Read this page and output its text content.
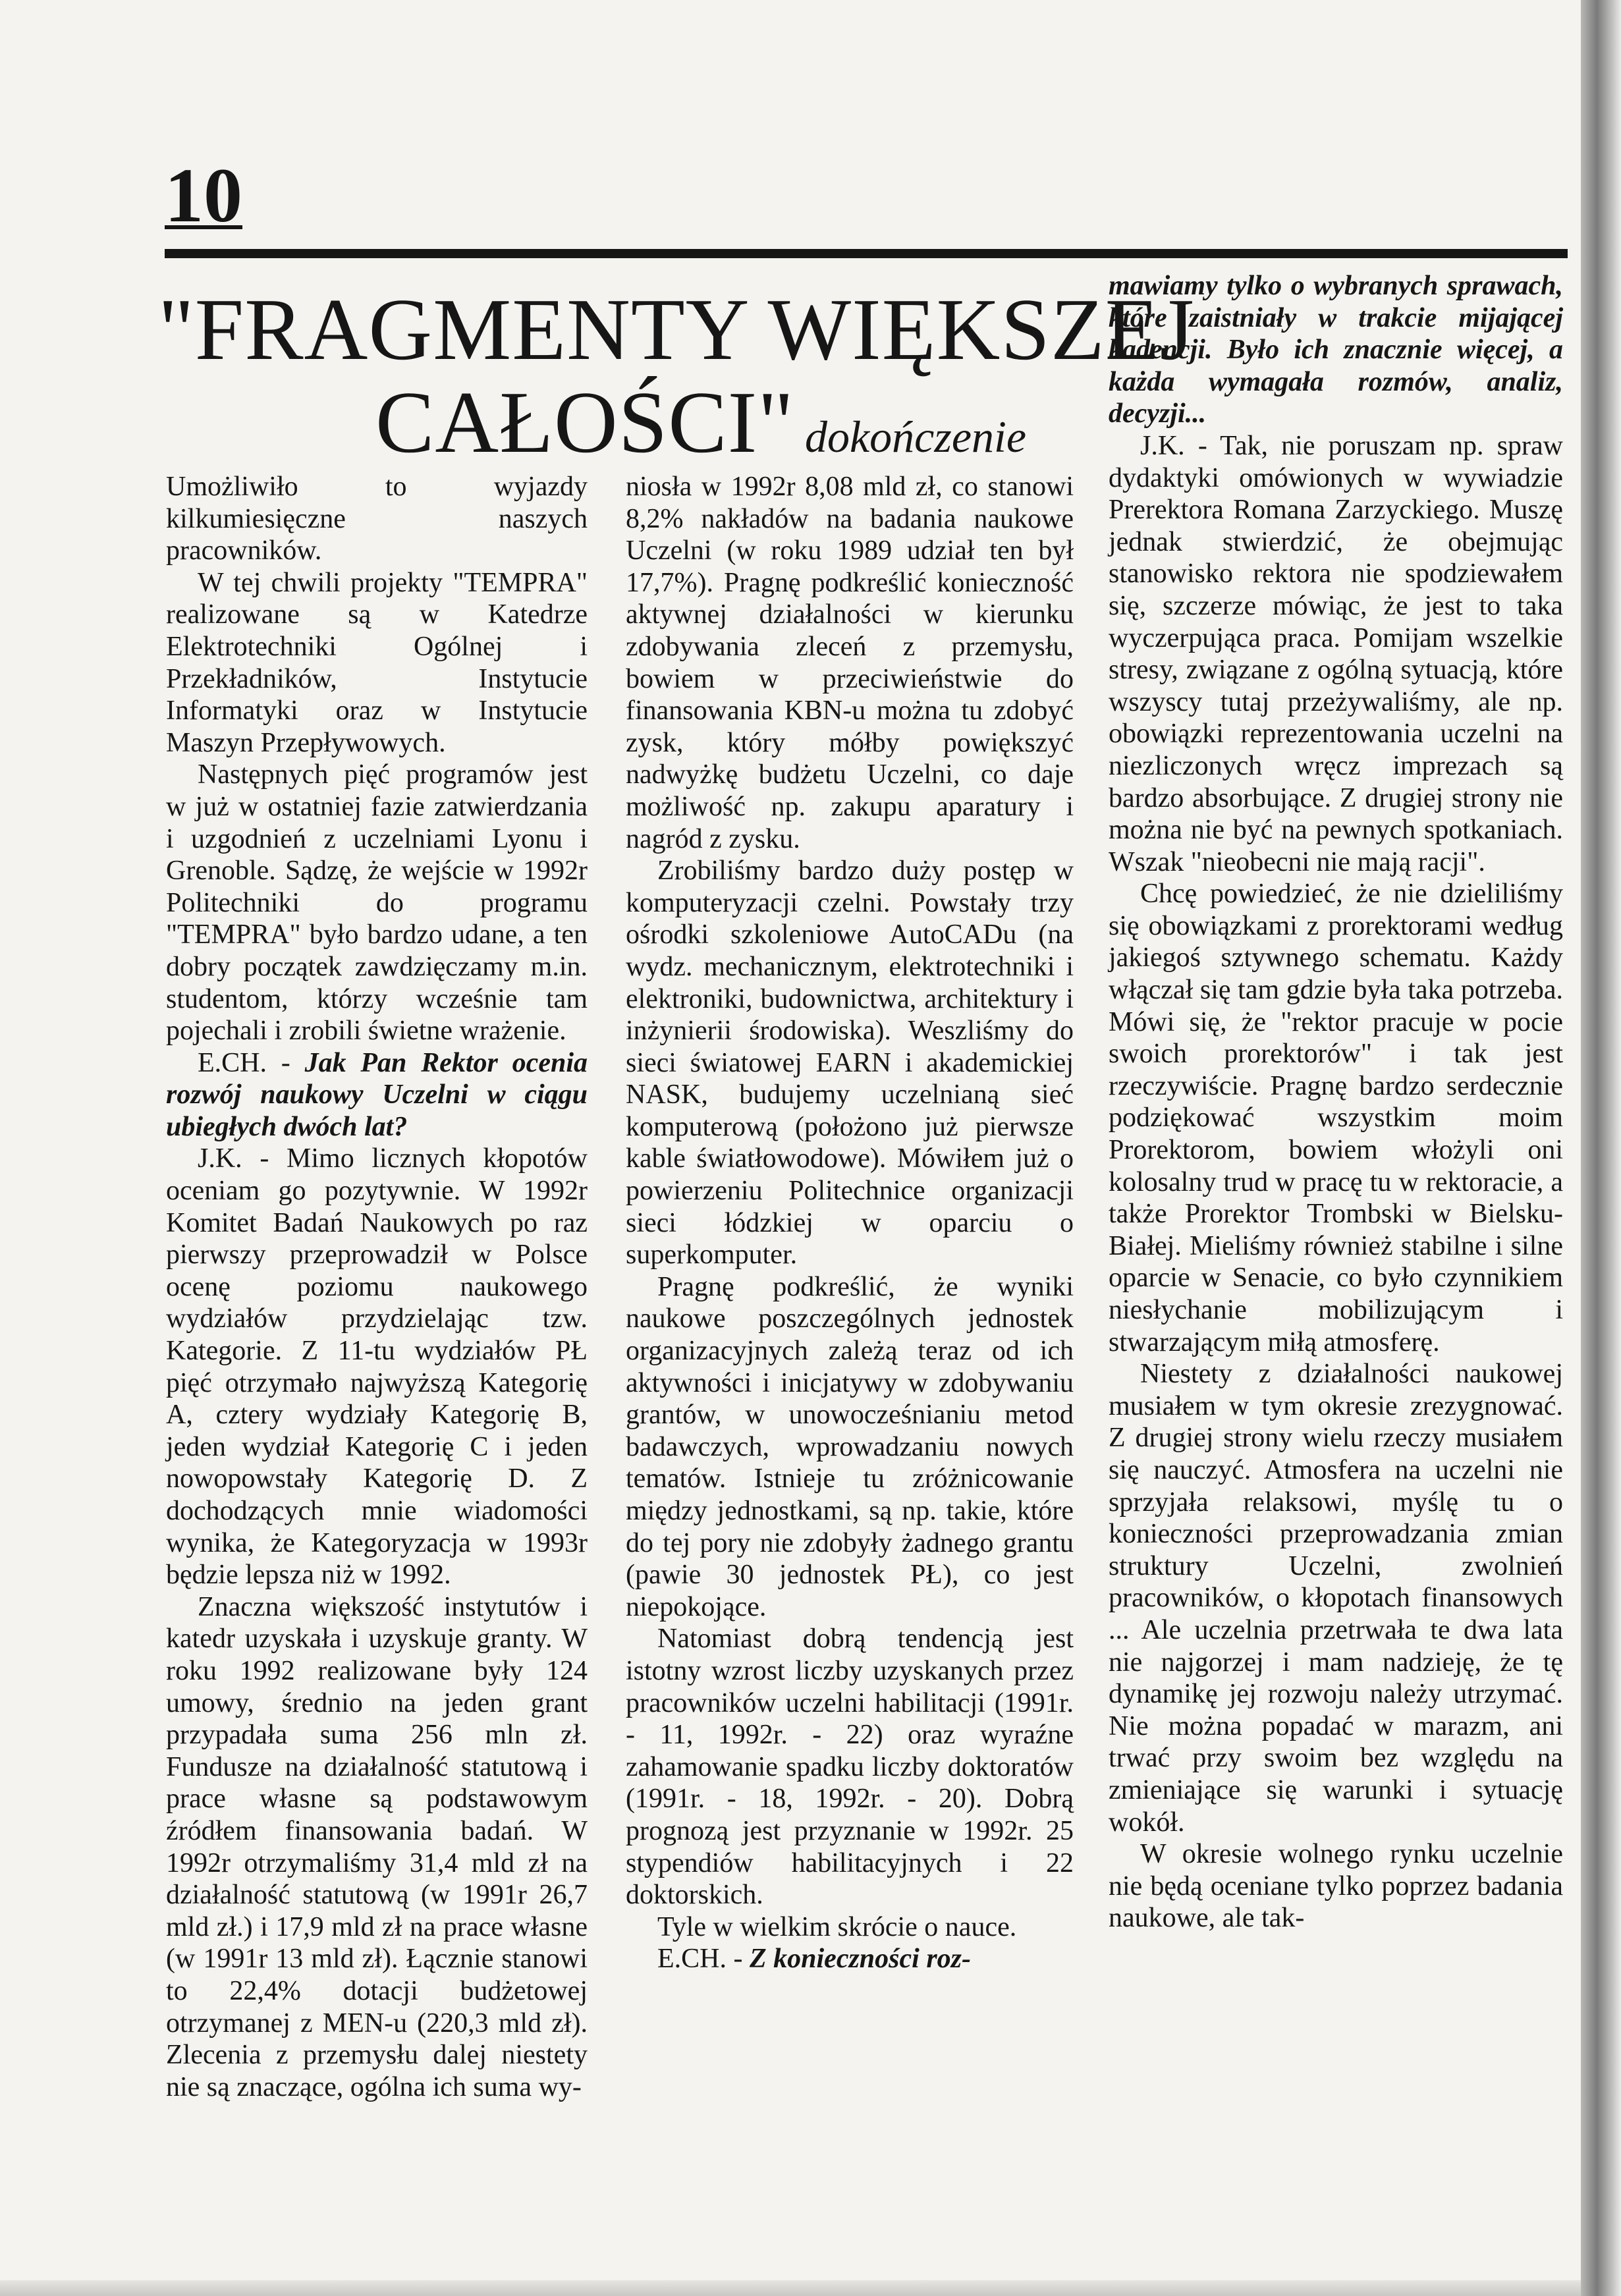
10
"FRAGMENTY WIĘKSZEJ
CAŁOŚCI" dokończenie

Umożliwiło to wyjazdy kilkumiesięczne naszych pracowników.

W tej chwili projekty "TEMPRA" realizowane są w Katedrze Elektrotechniki Ogólnej i Przekładników, Instytucie Informatyki oraz w Instytucie Maszyn Przepływowych.

Następnych pięć programów jest w już w ostatniej fazie zatwierdzania i uzgodnień z uczelniami Lyonu i Grenoble. Sądzę, że wejście w 1992r Politechniki do programu "TEMPRA" było bardzo udane, a ten dobry początek zawdzięczamy m.in. studentom, którzy wcześnie tam pojechali i zrobili świetne wrażenie.

E.CH. - Jak Pan Rektor ocenia rozwój naukowy Uczelni w ciągu ubiegłych dwóch lat?

J.K. - Mimo licznych kłopotów oceniam go pozytywnie. W 1992r Komitet Badań Naukowych po raz pierwszy przeprowadził w Polsce ocenę poziomu naukowego wydziałów przydzielając tzw. Kategorie. Z 11-tu wydziałów PŁ pięć otrzymało najwyższą Kategorię A, cztery wydziały Kategorię B, jeden wydział Kategorię C i jeden nowopowstały Kategorię D. Z dochodzących mnie wiadomości wynika, że Kategoryzacja w 1993r będzie lepsza niż w 1992.

Znaczna większość instytutów i katedr uzyskała i uzyskuje granty. W roku 1992 realizowane były 124 umowy, średnio na jeden grant przypadała suma 256 mln zł. Fundusze na działalność statutową i prace własne są podstawowym źródłem finansowania badań. W 1992r otrzymaliśmy 31,4 mld zł na działalność statutową (w 1991r 26,7 mld zł.) i 17,9 mld zł na prace własne (w 1991r 13 mld zł). Łącznie stanowi to 22,4% dotacji budżetowej otrzymanej z MEN-u (220,3 mld zł). Zlecenia z przemysłu dalej niestety nie są znaczące, ogólna ich suma wy-

niosła w 1992r 8,08 mld zł, co stanowi 8,2% nakładów na badania naukowe Uczelni (w roku 1989 udział ten był 17,7%). Pragnę podkreślić konieczność aktywnej działalności w kierunku zdobywania zleceń z przemysłu, bowiem w przeciwieństwie do finansowania KBN-u można tu zdobyć zysk, który mółby powiększyć nadwyżkę budżetu Uczelni, co daje możliwość np. zakupu aparatury i nagród z zysku.

Zrobiliśmy bardzo duży postęp w komputeryzacji czelni. Powstały trzy ośrodki szkoleniowe AutoCADu (na wydz. mechanicznym, elektrotechniki i elektroniki, budownictwa, architektury i inżynierii środowiska). Weszliśmy do sieci światowej EARN i akademickiej NASK, budujemy uczelnianą sieć komputerową (położono już pierwsze kable światłowodowe). Mówiłem już o powierzeniu Politechnice organizacji sieci łódzkiej w oparciu o superkomputer.

Pragnę podkreślić, że wyniki naukowe poszczególnych jednostek organizacyjnych zależą teraz od ich aktywności i inicjatywy w zdobywaniu grantów, w unowocześnianiu metod badawczych, wprowadzaniu nowych tematów. Istnieje tu zróżnicowanie między jednostkami, są np. takie, które do tej pory nie zdobyły żadnego grantu (pawie 30 jednostek PŁ), co jest niepokojące.

Natomiast dobrą tendencją jest istotny wzrost liczby uzyskanych przez pracowników uczelni habilitacji (1991r. - 11, 1992r. - 22) oraz wyraźne zahamowanie spadku liczby doktoratów (1991r. - 18, 1992r. - 20). Dobrą prognozą jest przyznanie w 1992r. 25 stypendiów habilitacyjnych i 22 doktorskich.

Tyle w wielkim skrócie o nauce.

E.CH. - Z konieczności roz-

mawiamy tylko o wybranych sprawach, które zaistniały w trakcie mijającej kadencji. Było ich znacznie więcej, a każda wymagała rozmów, analiz, decyzji...

J.K. - Tak, nie poruszam np. spraw dydaktyki omówionych w wywiadzie Prerektora Romana Zarzyckiego. Muszę jednak stwierdzić, że obejmując stanowisko rektora nie spodziewałem się, szczerze mówiąc, że jest to taka wyczerpująca praca. Pomijam wszelkie stresy, związane z ogólną sytuacją, które wszyscy tutaj przeżywaliśmy, ale np. obowiązki reprezentowania uczelni na niezliczonych wręcz imprezach są bardzo absorbujące. Z drugiej strony nie można nie być na pewnych spotkaniach. Wszak "nieobecni nie mają racji".

Chcę powiedzieć, że nie dzieliliśmy się obowiązkami z prorektorami według jakiegoś sztywnego schematu. Każdy włączał się tam gdzie była taka potrzeba. Mówi się, że "rektor pracuje w pocie swoich prorektorów" i tak jest rzeczywiście. Pragnę bardzo serdecznie podziękować wszystkim moim Prorektorom, bowiem włożyli oni kolosalny trud w pracę tu w rektoracie, a także Prorektor Trombski w Bielsku-Białej. Mieliśmy również stabilne i silne oparcie w Senacie, co było czynnikiem niesłychanie mobilizującym i stwarzającym miłą atmosferę.

Niestety z działalności naukowej musiałem w tym okresie zrezygnować. Z drugiej strony wielu rzeczy musiałem się nauczyć. Atmosfera na uczelni nie sprzyjała relaksowi, myślę tu o konieczności przeprowadzania zmian struktury Uczelni, zwolnień pracowników, o kłopotach finansowych ... Ale uczelnia przetrwała te dwa lata nie najgorzej i mam nadzieję, że tę dynamikę jej rozwoju należy utrzymać. Nie można popadać w marazm, ani trwać przy swoim bez względu na zmieniające się warunki i sytuację wokół.

W okresie wolnego rynku uczelnie nie będą oceniane tylko poprzez badania naukowe, ale tak-
